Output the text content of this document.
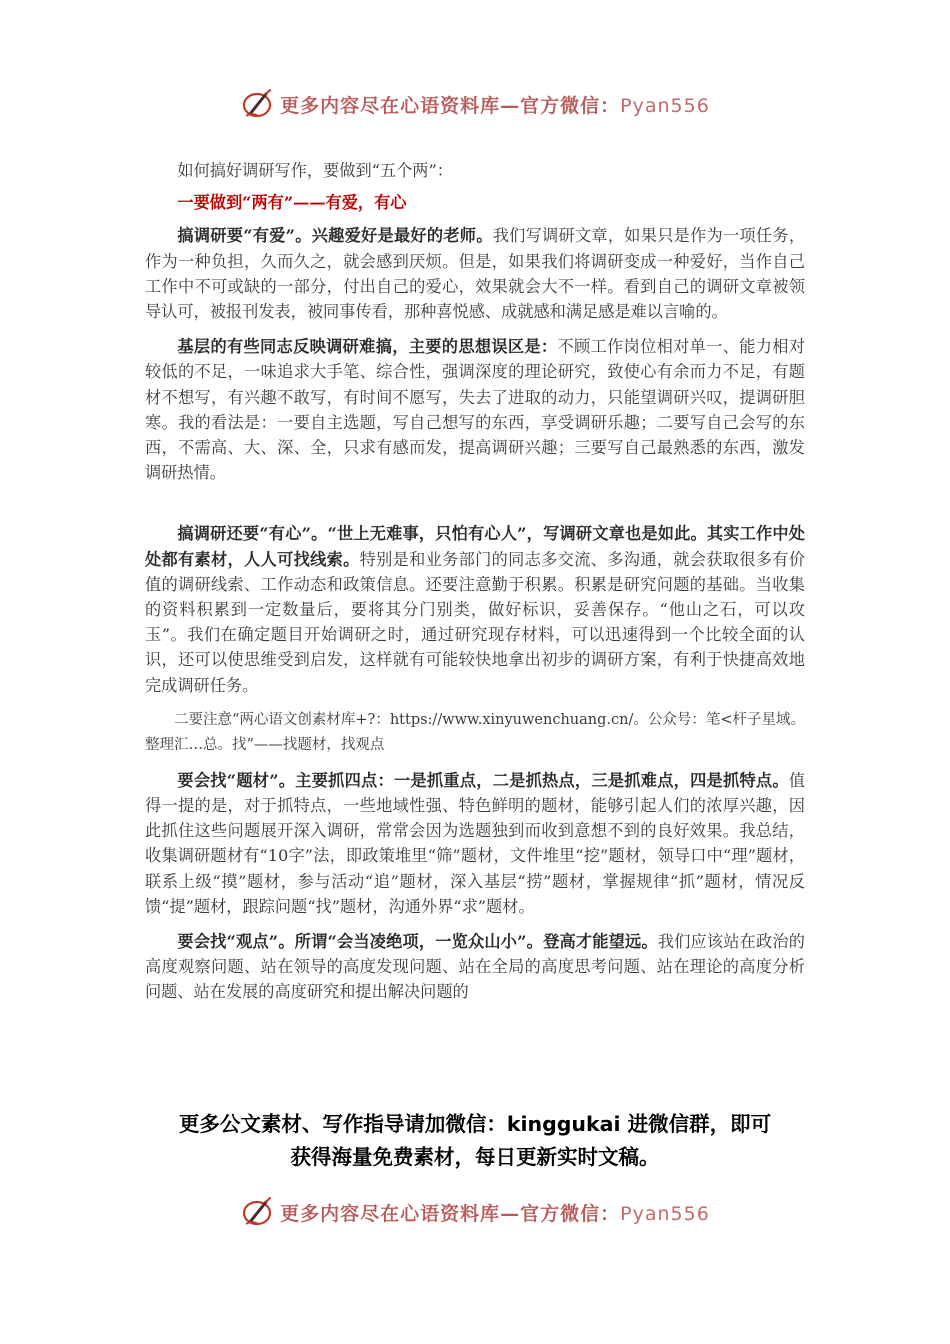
更多内容尽在心语资料库—官方微信：Pyan556

如何搞好调研写作，要做到“五个两”：

一要做到“两有”——有爱，有心

搞调研要“有爱”。兴趣爱好是最好的老师。我们写调研文章，如果只是作为一项任务，作为一种负担，久而久之，就会感到厌烦。但是，如果我们将调研变成一种爱好，当作自己工作中不可或缺的一部分，付出自己的爱心，效果就会大不一样。看到自己的调研文章被领导认可，被报刊发表，被同事传看，那种喜悦感、成就感和满足感是难以言喻的。

基层的有些同志反映调研难搞，主要的思想误区是：不顾工作岗位相对单一、能力相对较低的不足，一味追求大手笔、综合性，强调深度的理论研究，致使心有余而力不足，有题材不想写，有兴趣不敢写，有时间不愿写，失去了进取的动力，只能望调研兴叹，提调研胆寒。我的看法是：一要自主选题，写自己想写的东西，享受调研乐趣；二要写自己会写的东西，不需高、大、深、全，只求有感而发，提高调研兴趣；三要写自己最熟悉的东西，激发调研热情。

搞调研还要“有心”。“世上无难事，只怕有心人”，写调研文章也是如此。其实工作中处处都有素材，人人可找线索。特别是和业务部门的同志多交流、多沟通，就会获取很多有价值的调研线索、工作动态和政策信息。还要注意勤于积累。积累是研究问题的基础。当收集的资料积累到一定数量后，要将其分门别类，做好标识，妥善保存。“他山之石，可以攻玉”。我们在确定题目开始调研之时，通过研究现存材料，可以迅速得到一个比较全面的认识，还可以使思维受到启发，这样就有可能较快地拿出初步的调研方案，有利于快捷高效地完成调研任务。

二要注意“两心语文创素材库+?：https://www.xinyuwenchuang.cn/。公众号：笔<杆子星域。整理汇…总。找”——找题材，找观点

要会找“题材”。主要抓四点：一是抓重点，二是抓热点，三是抓难点，四是抓特点。值得一提的是，对于抓特点，一些地域性强、特色鲜明的题材，能够引起人们的浓厚兴趣，因此抓住这些问题展开深入调研，常常会因为选题独到而收到意想不到的良好效果。我总结，收集调研题材有“10字”法，即政策堆里“筛”题材，文件堆里“挖”题材，领导口中“理”题材，联系上级“摸”题材，参与活动“追”题材，深入基层“捞”题材，掌握规律“抓”题材，情况反馈“提”题材，跟踪问题“找”题材，沟通外界“求”题材。

要会找“观点”。所谓“会当凌绝项，一览众山小”。登高才能望远。我们应该站在政治的高度观察问题、站在领导的高度发现问题、站在全局的高度思考问题、站在理论的高度分析问题、站在发展的高度研究和提出解决问题的

更多公文素材、写作指导请加微信：kinggukai 进微信群，即可
获得海量免费素材，每日更新实时文稿。
更多内容尽在心语资料库—官方微信：Pyan556
